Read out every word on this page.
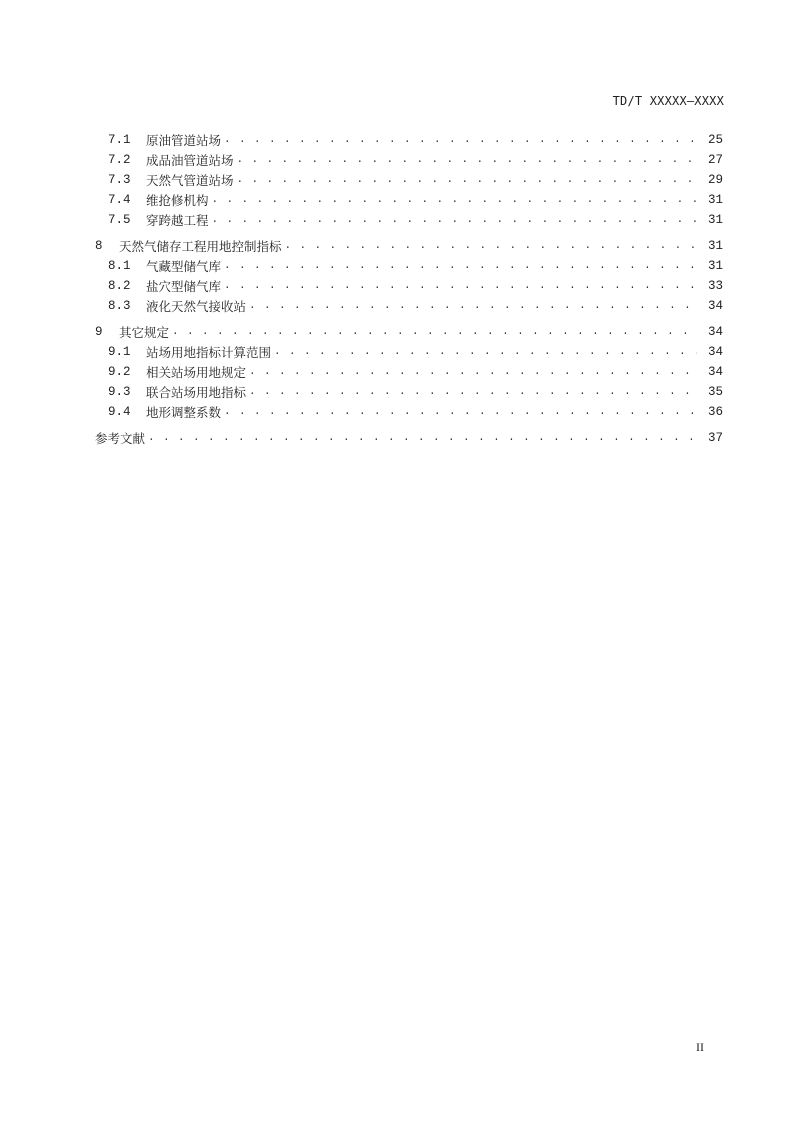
TD/T XXXXX—XXXX
7.1	原油管道站场 . . .	25
7.2	成品油管道站场 . . .	27
7.3	天然气管道站场 . . .	29
7.4	维抢修机构 . . .	31
7.5	穿跨越工程 . . .	31
8	天然气储存工程用地控制指标 . . .	31
8.1	气藏型储气库 . . .	31
8.2	盐穴型储气库 . . .	33
8.3	液化天然气接收站 . . .	34
9	其它规定 . . .	34
9.1	站场用地指标计算范围 . . .	34
9.2	相关站场用地规定 . . .	34
9.3	联合站场用地指标 . . .	35
9.4	地形调整系数 . . .	36
参考文献 . . .	37
II
